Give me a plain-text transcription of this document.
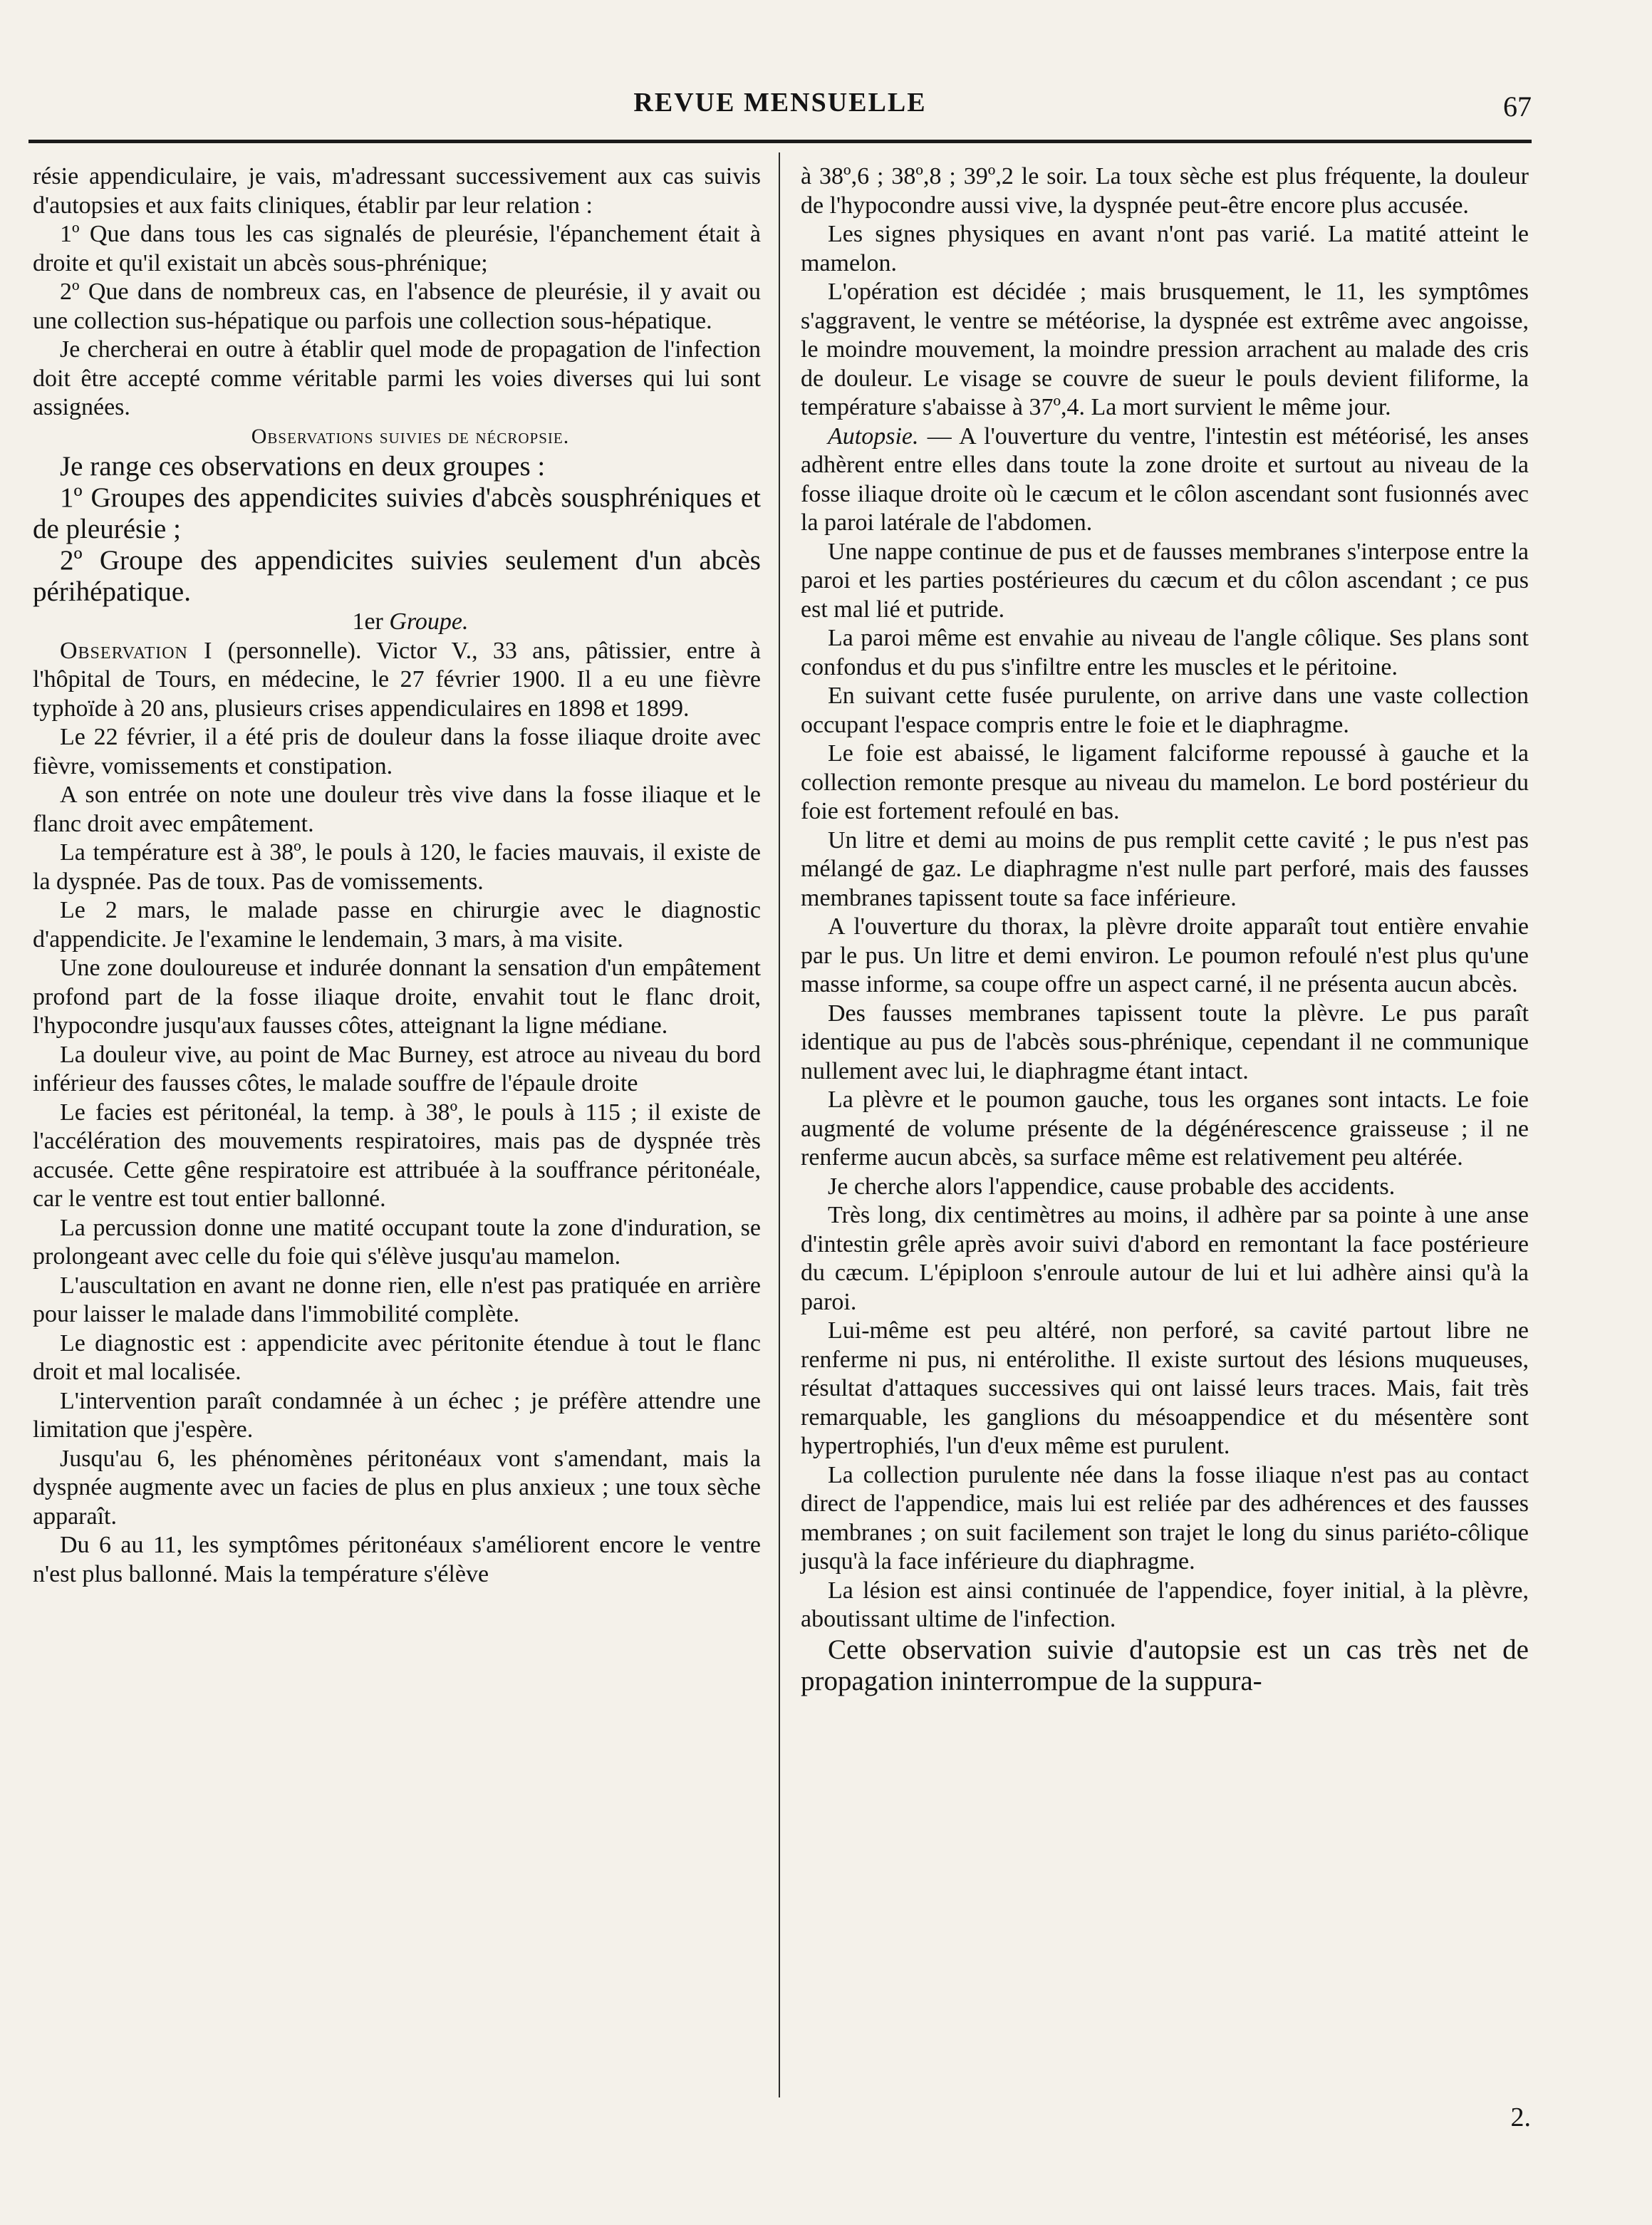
REVUE MENSUELLE	67

résie appendiculaire, je vais, m'adressant successivement aux cas suivis d'autopsies et aux faits cliniques, établir par leur relation :

1º Que dans tous les cas signalés de pleurésie, l'épanchement était à droite et qu'il existait un abcès sous-phrénique;

2º Que dans de nombreux cas, en l'absence de pleurésie, il y avait ou une collection sus-hépatique ou parfois une collection sous-hépatique.

Je chercherai en outre à établir quel mode de propagation de l'infection doit être accepté comme véritable parmi les voies diverses qui lui sont assignées.

Observations suivies de nécropsie.

Je range ces observations en deux groupes :

1º Groupes des appendicites suivies d'abcès sousphréniques et de pleurésie ;

2º Groupe des appendicites suivies seulement d'un abcès périhépatique.

1er Groupe.

Observation I (personnelle). Victor V., 33 ans, pâtissier, entre à l'hôpital de Tours, en médecine, le 27 février 1900. Il a eu une fièvre typhoïde à 20 ans, plusieurs crises appendiculaires en 1898 et 1899.

Le 22 février, il a été pris de douleur dans la fosse iliaque droite avec fièvre, vomissements et constipation.

A son entrée on note une douleur très vive dans la fosse iliaque et le flanc droit avec empâtement.

La température est à 38º, le pouls à 120, le facies mauvais, il existe de la dyspnée. Pas de toux. Pas de vomissements.

Le 2 mars, le malade passe en chirurgie avec le diagnostic d'appendicite. Je l'examine le lendemain, 3 mars, à ma visite.

Une zone douloureuse et indurée donnant la sensation d'un empâtement profond part de la fosse iliaque droite, envahit tout le flanc droit, l'hypocondre jusqu'aux fausses côtes, atteignant la ligne médiane.

La douleur vive, au point de Mac Burney, est atroce au niveau du bord inférieur des fausses côtes, le malade souffre de l'épaule droite

Le facies est péritonéal, la temp. à 38º, le pouls à 115 ; il existe de l'accélération des mouvements respiratoires, mais pas de dyspnée très accusée. Cette gêne respiratoire est attribuée à la souffrance péritonéale, car le ventre est tout entier ballonné.

La percussion donne une matité occupant toute la zone d'induration, se prolongeant avec celle du foie qui s'élève jusqu'au mamelon.

L'auscultation en avant ne donne rien, elle n'est pas pratiquée en arrière pour laisser le malade dans l'immobilité complète.

Le diagnostic est : appendicite avec péritonite étendue à tout le flanc droit et mal localisée.

L'intervention paraît condamnée à un échec ; je préfère attendre une limitation que j'espère.

Jusqu'au 6, les phénomènes péritonéaux vont s'amendant, mais la dyspnée augmente avec un facies de plus en plus anxieux ; une toux sèche apparaît.

Du 6 au 11, les symptômes péritonéaux s'améliorent encore le ventre n'est plus ballonné. Mais la température s'élève

à 38º,6 ; 38º,8 ; 39º,2 le soir. La toux sèche est plus fréquente, la douleur de l'hypocondre aussi vive, la dyspnée peut-être encore plus accusée.

Les signes physiques en avant n'ont pas varié. La matité atteint le mamelon.

L'opération est décidée ; mais brusquement, le 11, les symptômes s'aggravent, le ventre se météorise, la dyspnée est extrême avec angoisse, le moindre mouvement, la moindre pression arrachent au malade des cris de douleur. Le visage se couvre de sueur le pouls devient filiforme, la température s'abaisse à 37º,4. La mort survient le même jour.

Autopsie. — A l'ouverture du ventre, l'intestin est météorisé, les anses adhèrent entre elles dans toute la zone droite et surtout au niveau de la fosse iliaque droite où le cæcum et le côlon ascendant sont fusionnés avec la paroi latérale de l'abdomen.

Une nappe continue de pus et de fausses membranes s'interpose entre la paroi et les parties postérieures du cæcum et du côlon ascendant ; ce pus est mal lié et putride.

La paroi même est envahie au niveau de l'angle côlique. Ses plans sont confondus et du pus s'infiltre entre les muscles et le péritoine.

En suivant cette fusée purulente, on arrive dans une vaste collection occupant l'espace compris entre le foie et le diaphragme.

Le foie est abaissé, le ligament falciforme repoussé à gauche et la collection remonte presque au niveau du mamelon. Le bord postérieur du foie est fortement refoulé en bas.

Un litre et demi au moins de pus remplit cette cavité ; le pus n'est pas mélangé de gaz. Le diaphragme n'est nulle part perforé, mais des fausses membranes tapissent toute sa face inférieure.

A l'ouverture du thorax, la plèvre droite apparaît tout entière envahie par le pus. Un litre et demi environ. Le poumon refoulé n'est plus qu'une masse informe, sa coupe offre un aspect carné, il ne présenta aucun abcès.

Des fausses membranes tapissent toute la plèvre. Le pus paraît identique au pus de l'abcès sous-phrénique, cependant il ne communique nullement avec lui, le diaphragme étant intact.

La plèvre et le poumon gauche, tous les organes sont intacts. Le foie augmenté de volume présente de la dégénérescence graisseuse ; il ne renferme aucun abcès, sa surface même est relativement peu altérée.

Je cherche alors l'appendice, cause probable des accidents.

Très long, dix centimètres au moins, il adhère par sa pointe à une anse d'intestin grêle après avoir suivi d'abord en remontant la face postérieure du cæcum. L'épiploon s'enroule autour de lui et lui adhère ainsi qu'à la paroi.

Lui-même est peu altéré, non perforé, sa cavité partout libre ne renferme ni pus, ni entérolithe. Il existe surtout des lésions muqueuses, résultat d'attaques successives qui ont laissé leurs traces. Mais, fait très remarquable, les ganglions du mésoappendice et du mésentère sont hypertrophiés, l'un d'eux même est purulent.

La collection purulente née dans la fosse iliaque n'est pas au contact direct de l'appendice, mais lui est reliée par des adhérences et des fausses membranes ; on suit facilement son trajet le long du sinus pariéto-côlique jusqu'à la face inférieure du diaphragme.

La lésion est ainsi continuée de l'appendice, foyer initial, à la plèvre, aboutissant ultime de l'infection.

Cette observation suivie d'autopsie est un cas très net de propagation ininterrompue de la suppura-

2.
